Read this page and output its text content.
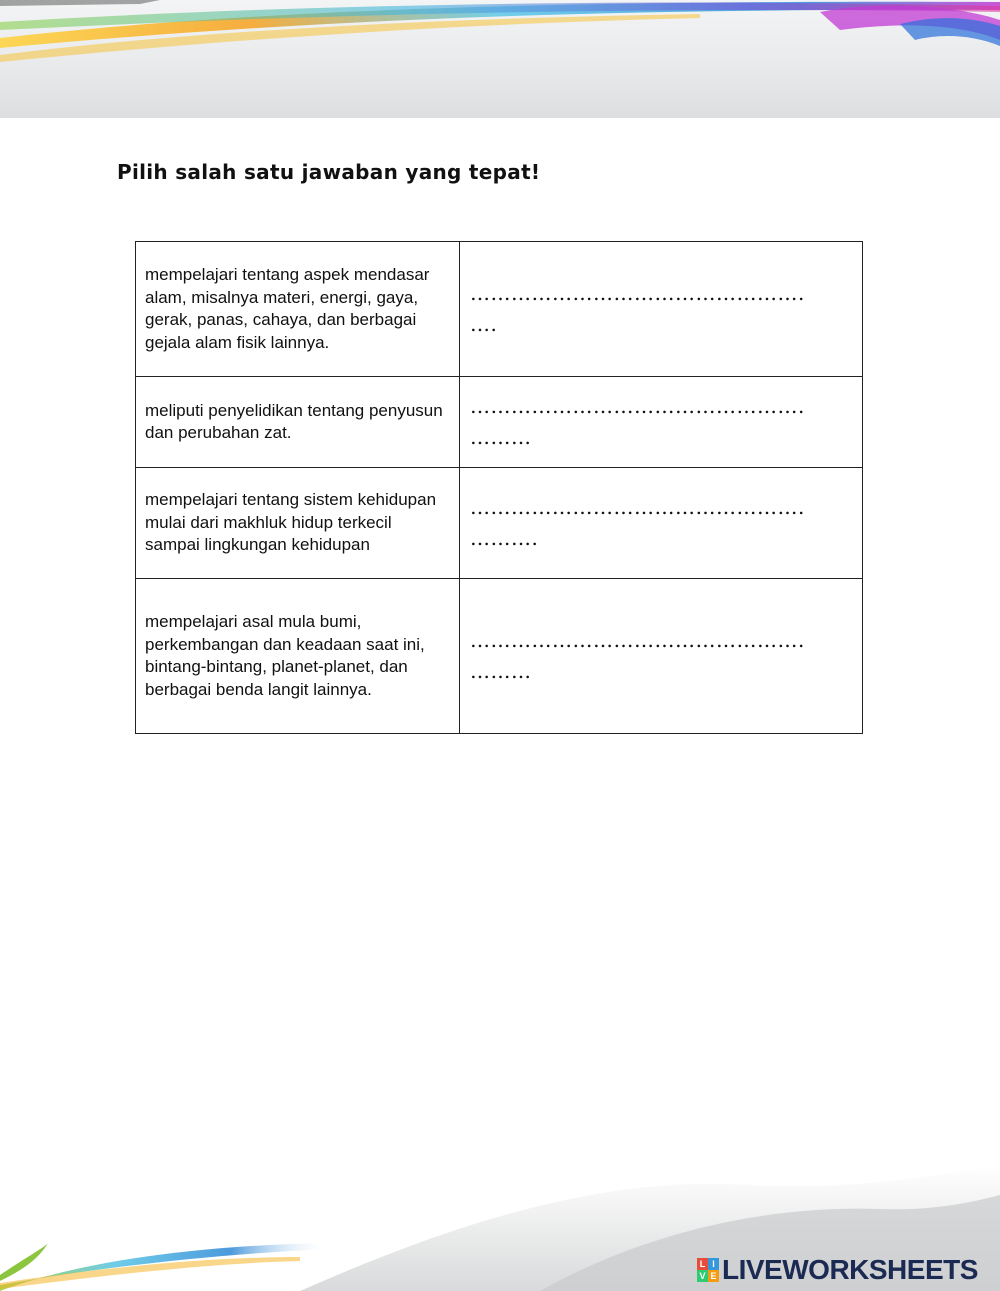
Pilih salah satu jawaban yang tepat!
mempelajari tentang aspek mendasar alam, misalnya materi, energi, gaya, gerak, panas, cahaya, dan berbagai gejala alam fisik lainnya.	………………………………………….
….

meliputi penyelidikan tentang penyusun dan perubahan zat.	………………………………………….
………

mempelajari tentang sistem kehidupan mulai dari makhluk hidup terkecil sampai lingkungan kehidupan	………………………………………….
……….

mempelajari asal mula bumi, perkembangan dan keadaan saat ini, bintang-bintang, planet-planet, dan berbagai benda langit lainnya.	………………………………………….
………
L I
V E LIVEWORKSHEETS
